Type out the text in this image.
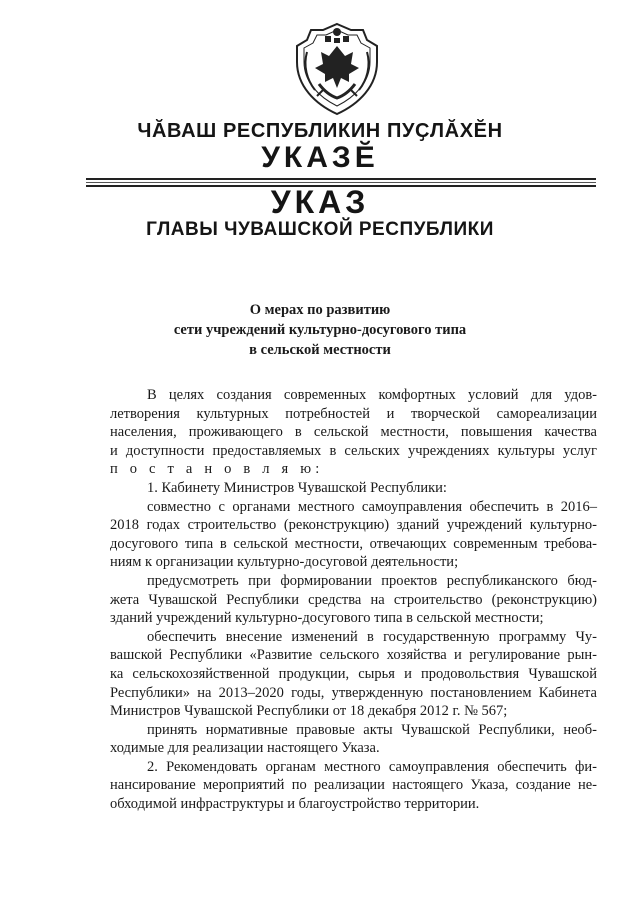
ЧĂВАШ РЕСПУБЛИКИН ПУҪЛĂХĔН
УКАЗĔ
УКАЗ
ГЛАВЫ ЧУВАШСКОЙ РЕСПУБЛИКИ
О мерах по развитию
сети учреждений культурно-досугового типа
в сельской местности
В целях создания современных комфортных условий для удов-
летворения культурных потребностей и творческой самореализации
населения, проживающего в сельской местности, повышения качества
и доступности предоставляемых в сельских учреждениях культуры услуг
п о с т а н о в л я ю:
1. Кабинету Министров Чувашской Республики:
совместно с органами местного самоуправления обеспечить в 2016–
2018 годах строительство (реконструкцию) зданий учреждений культурно-
досугового типа в сельской местности, отвечающих современным требова-
ниям к организации культурно-досуговой деятельности;
предусмотреть при формировании проектов республиканского бюд-
жета Чувашской Республики средства на строительство (реконструкцию)
зданий учреждений культурно-досугового типа в сельской местности;
обеспечить внесение изменений в государственную программу Чу-
вашской Республики «Развитие сельского хозяйства и регулирование рын-
ка сельскохозяйственной продукции, сырья и продовольствия Чувашской
Республики» на 2013–2020 годы, утвержденную постановлением Кабинета
Министров Чувашской Республики от 18 декабря 2012 г. № 567;
принять нормативные правовые акты Чувашской Республики, необ-
ходимые для реализации настоящего Указа.
2. Рекомендовать органам местного самоуправления обеспечить фи-
нансирование мероприятий по реализации настоящего Указа, создание не-
обходимой инфраструктуры и благоустройство территории.
